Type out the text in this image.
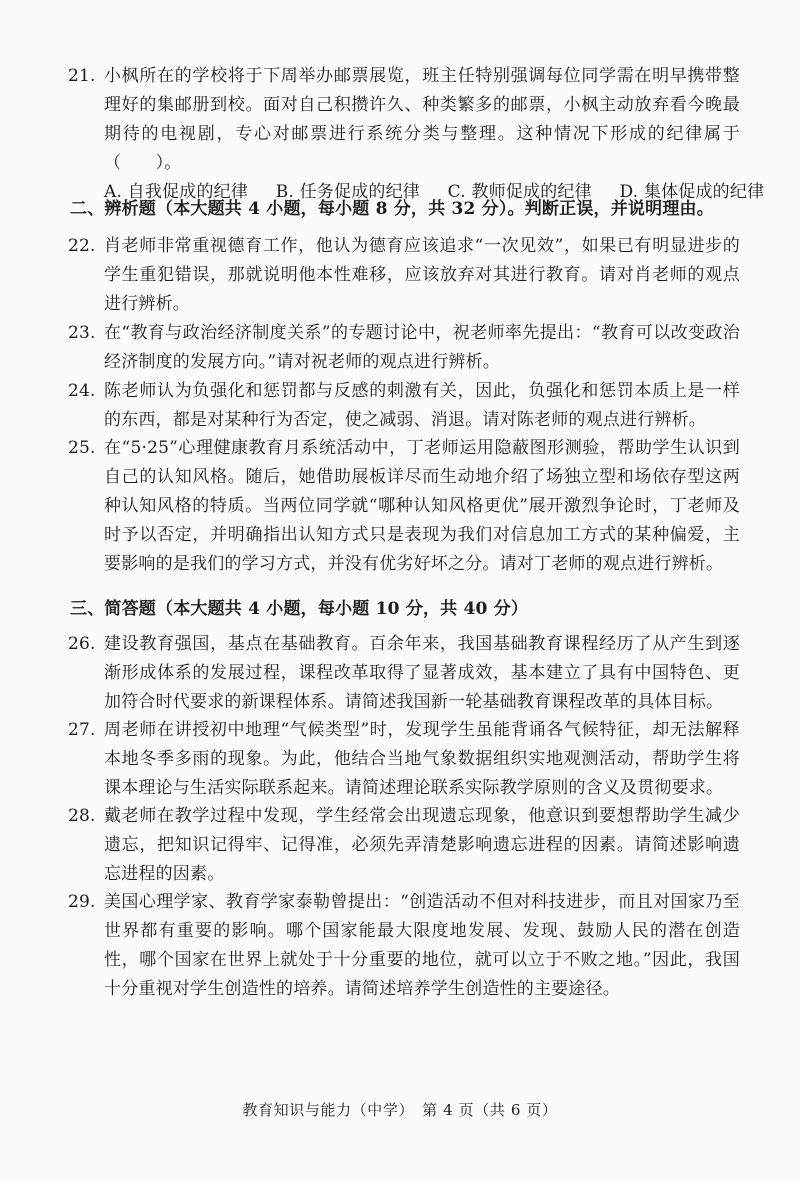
21. 小枫所在的学校将于下周举办邮票展览，班主任特别强调每位同学需在明早携带整理好的集邮册到校。面对自己积攒许久、种类繁多的邮票，小枫主动放弃看今晚最期待的电视剧，专心对邮票进行系统分类与整理。这种情况下形成的纪律属于（　　）。
A. 自我促成的纪律 B. 任务促成的纪律 C. 教师促成的纪律 D. 集体促成的纪律
二、辨析题（本大题共 4 小题，每小题 8 分，共 32 分）。判断正误，并说明理由。
22. 肖老师非常重视德育工作，他认为德育应该追求“一次见效”，如果已有明显进步的学生重犯错误，那就说明他本性难移，应该放弃对其进行教育。请对肖老师的观点进行辨析。
23. 在“教育与政治经济制度关系”的专题讨论中，祝老师率先提出：“教育可以改变政治经济制度的发展方向。”请对祝老师的观点进行辨析。
24. 陈老师认为负强化和惩罚都与反感的刺激有关，因此，负强化和惩罚本质上是一样的东西，都是对某种行为否定，使之减弱、消退。请对陈老师的观点进行辨析。
25. 在“5·25”心理健康教育月系统活动中，丁老师运用隐蔽图形测验，帮助学生认识到自己的认知风格。随后，她借助展板详尽而生动地介绍了场独立型和场依存型这两种认知风格的特质。当两位同学就“哪种认知风格更优”展开激烈争论时，丁老师及时予以否定，并明确指出认知方式只是表现为我们对信息加工方式的某种偏爱，主要影响的是我们的学习方式，并没有优劣好坏之分。请对丁老师的观点进行辨析。
三、简答题（本大题共 4 小题，每小题 10 分，共 40 分）
26. 建设教育强国，基点在基础教育。百余年来，我国基础教育课程经历了从产生到逐渐形成体系的发展过程，课程改革取得了显著成效，基本建立了具有中国特色、更加符合时代要求的新课程体系。请简述我国新一轮基础教育课程改革的具体目标。
27. 周老师在讲授初中地理“气候类型”时，发现学生虽能背诵各气候特征，却无法解释本地冬季多雨的现象。为此，他结合当地气象数据组织实地观测活动，帮助学生将课本理论与生活实际联系起来。请简述理论联系实际教学原则的含义及贯彻要求。
28. 戴老师在教学过程中发现，学生经常会出现遗忘现象，他意识到要想帮助学生减少遗忘，把知识记得牢、记得准，必须先弄清楚影响遗忘进程的因素。请简述影响遗忘进程的因素。
29. 美国心理学家、教育学家泰勒曾提出：“创造活动不但对科技进步，而且对国家乃至世界都有重要的影响。哪个国家能最大限度地发展、发现、鼓励人民的潜在创造性，哪个国家在世界上就处于十分重要的地位，就可以立于不败之地。”因此，我国十分重视对学生创造性的培养。请简述培养学生创造性的主要途径。
教育知识与能力（中学）　第 4 页（共 6 页）
